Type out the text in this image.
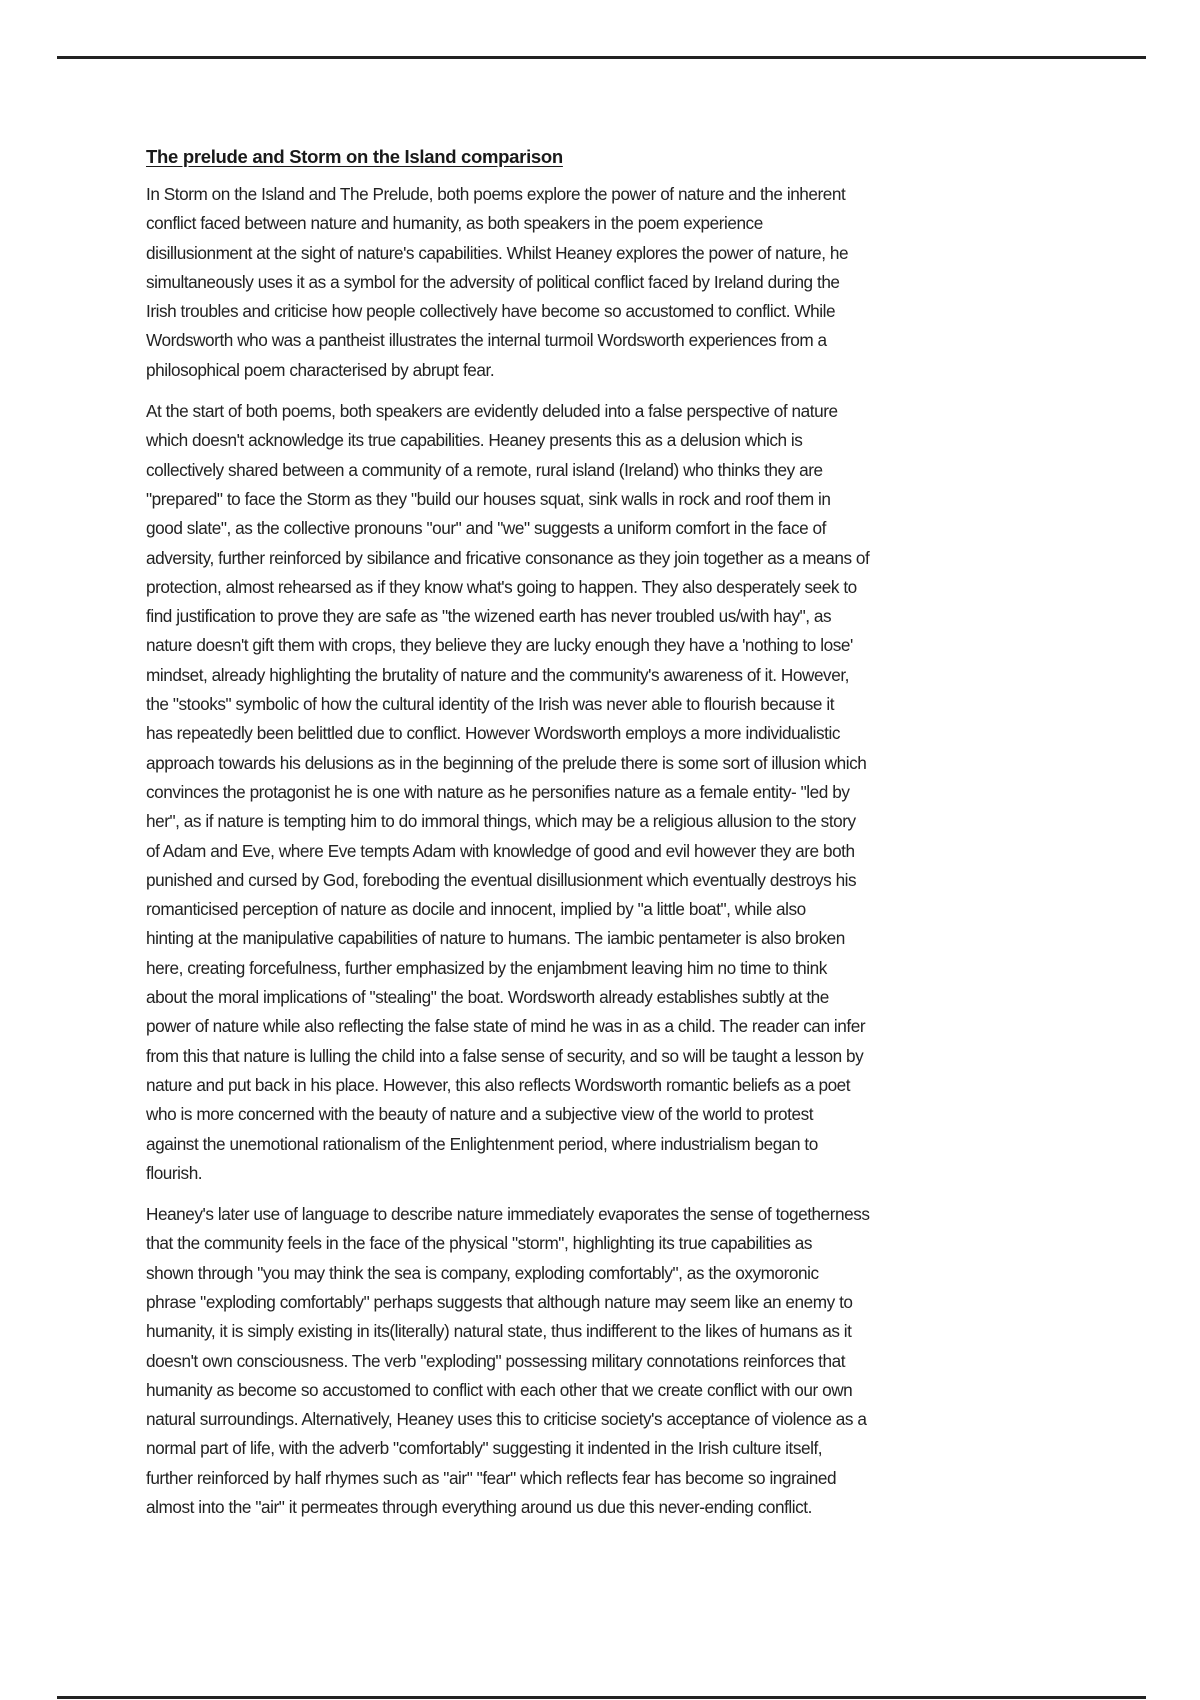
The prelude and Storm on the Island comparison
In Storm on the Island and The Prelude, both poems explore the power of nature and the inherent
conflict faced between nature and humanity, as both speakers in the poem experience
disillusionment at the sight of nature's capabilities. Whilst Heaney explores the power of nature, he
simultaneously uses it as a symbol for the adversity of political conflict faced by Ireland during the
Irish troubles and criticise how people collectively have become so accustomed to conflict. While
Wordsworth who was a pantheist illustrates the internal turmoil Wordsworth experiences from a
philosophical poem characterised by abrupt fear.
At the start of both poems, both speakers are evidently deluded into a false perspective of nature
which doesn't acknowledge its true capabilities. Heaney presents this as a delusion which is
collectively shared between a community of a remote, rural island (Ireland) who thinks they are
"prepared" to face the Storm as they "build our houses squat, sink walls in rock and roof them in
good slate", as the collective pronouns "our" and "we" suggests a uniform comfort in the face of
adversity, further reinforced by sibilance and fricative consonance as they join together as a means of
protection, almost rehearsed as if they know what's going to happen. They also desperately seek to
find justification to prove they are safe as "the wizened earth has never troubled us/with hay", as
nature doesn't gift them with crops, they believe they are lucky enough they have a 'nothing to lose'
mindset, already highlighting the brutality of nature and the community's awareness of it. However,
the "stooks" symbolic of how the cultural identity of the Irish was never able to flourish because it
has repeatedly been belittled due to conflict. However Wordsworth employs a more individualistic
approach towards his delusions as in the beginning of the prelude there is some sort of illusion which
convinces the protagonist he is one with nature as he personifies nature as a female entity- "led by
her", as if nature is tempting him to do immoral things, which may be a religious allusion to the story
of Adam and Eve, where Eve tempts Adam with knowledge of good and evil however they are both
punished and cursed by God, foreboding the eventual disillusionment which eventually destroys his
romanticised perception of nature as docile and innocent, implied by "a little boat", while also
hinting at the manipulative capabilities of nature to humans. The iambic pentameter is also broken
here, creating forcefulness, further emphasized by the enjambment leaving him no time to think
about the moral implications of "stealing" the boat. Wordsworth already establishes subtly at the
power of nature while also reflecting the false state of mind he was in as a child. The reader can infer
from this that nature is lulling the child into a false sense of security, and so will be taught a lesson by
nature and put back in his place. However, this also reflects Wordsworth romantic beliefs as a poet
who is more concerned with the beauty of nature and a subjective view of the world to protest
against the unemotional rationalism of the Enlightenment period, where industrialism began to
flourish.
Heaney's later use of language to describe nature immediately evaporates the sense of togetherness
that the community feels in the face of the physical "storm", highlighting its true capabilities as
shown through "you may think the sea is company, exploding comfortably", as the oxymoronic
phrase "exploding comfortably" perhaps suggests that although nature may seem like an enemy to
humanity, it is simply existing in its(literally) natural state, thus indifferent to the likes of humans as it
doesn't own consciousness. The verb "exploding" possessing military connotations reinforces that
humanity as become so accustomed to conflict with each other that we create conflict with our own
natural surroundings. Alternatively, Heaney uses this to criticise society's acceptance of violence as a
normal part of life, with the adverb "comfortably" suggesting it indented in the Irish culture itself,
further reinforced by half rhymes such as "air" "fear" which reflects fear has become so ingrained
almost into the "air" it permeates through everything around us due this never-ending conflict.
